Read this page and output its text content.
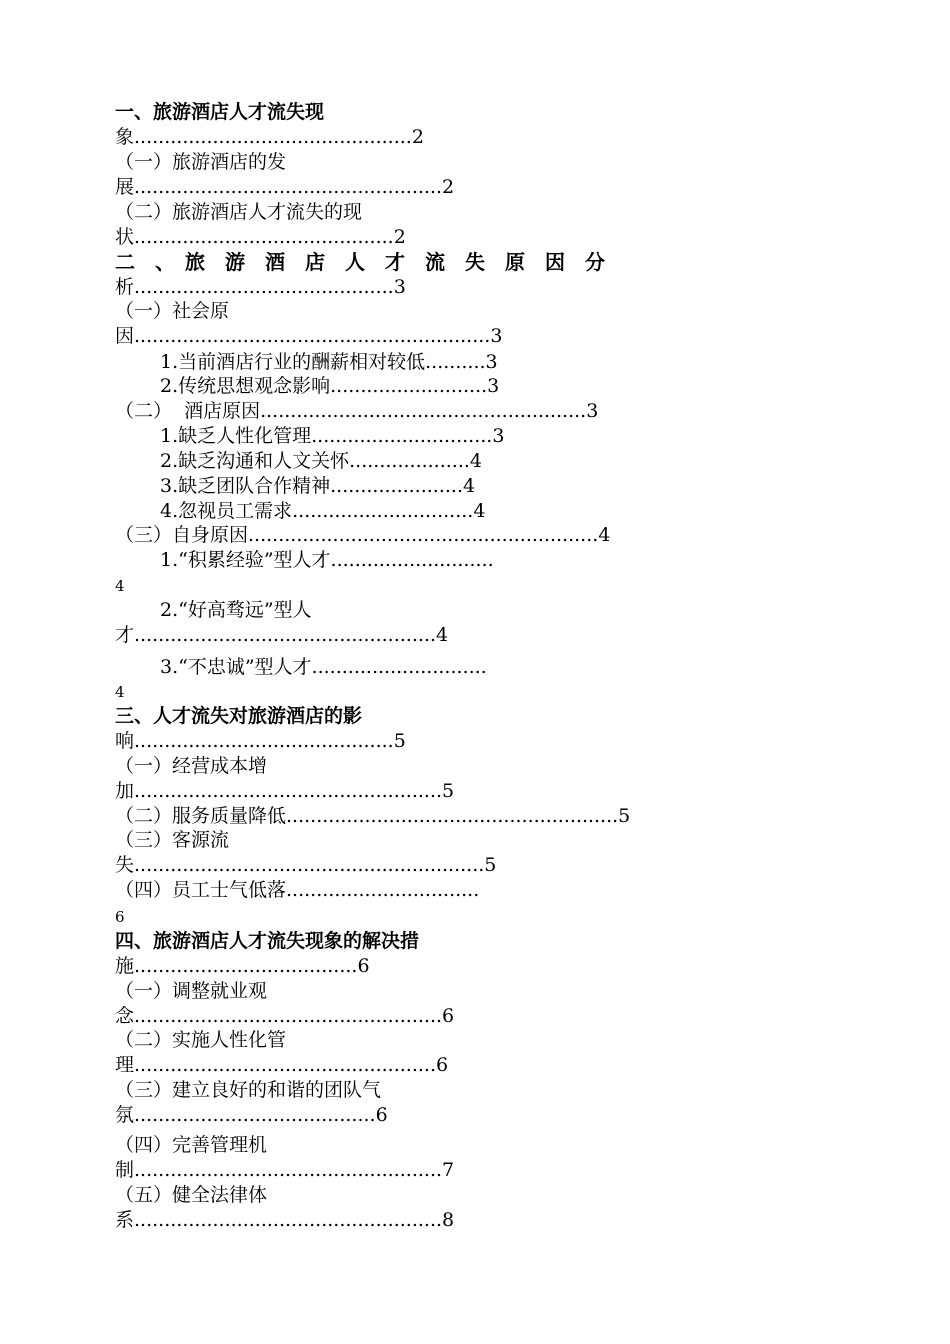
一、旅游酒店人才流失现
象..............................................2
（一）旅游酒店的发
展...................................................2
（二）旅游酒店人才流失的现
状...........................................2
二　、　旅　游　酒　店　人　才　流　失　原　因　分
析...........................................3
（一）社会原
因...........................................................3
1.当前酒店行业的酬薪相对较低..........3
2.传统思想观念影响..........................3
（二）  酒店原因......................................................3
1.缺乏人性化管理..............................3
2.缺乏沟通和人文关怀....................4
3.缺乏团队合作精神......................4
4.忽视员工需求..............................4
（三）自身原因..........................................................4
1.“积累经验”型人才...........................
4
2.“好高骛远”型人
才..................................................4
3.“不忠诚”型人才.............................
4
三、人才流失对旅游酒店的影
响...........................................5
（一）经营成本增
加...................................................5
（二）服务质量降低.......................................................5
（三）客源流
失..........................................................5
（四）员工士气低落................................
6
四、旅游酒店人才流失现象的解决措
施.....................................6
（一）调整就业观
念...................................................6
（二）实施人性化管
理..................................................6
（三）建立良好的和谐的团队气
氛........................................6
（四）完善管理机
制...................................................7
（五）健全法律体
系...................................................8
